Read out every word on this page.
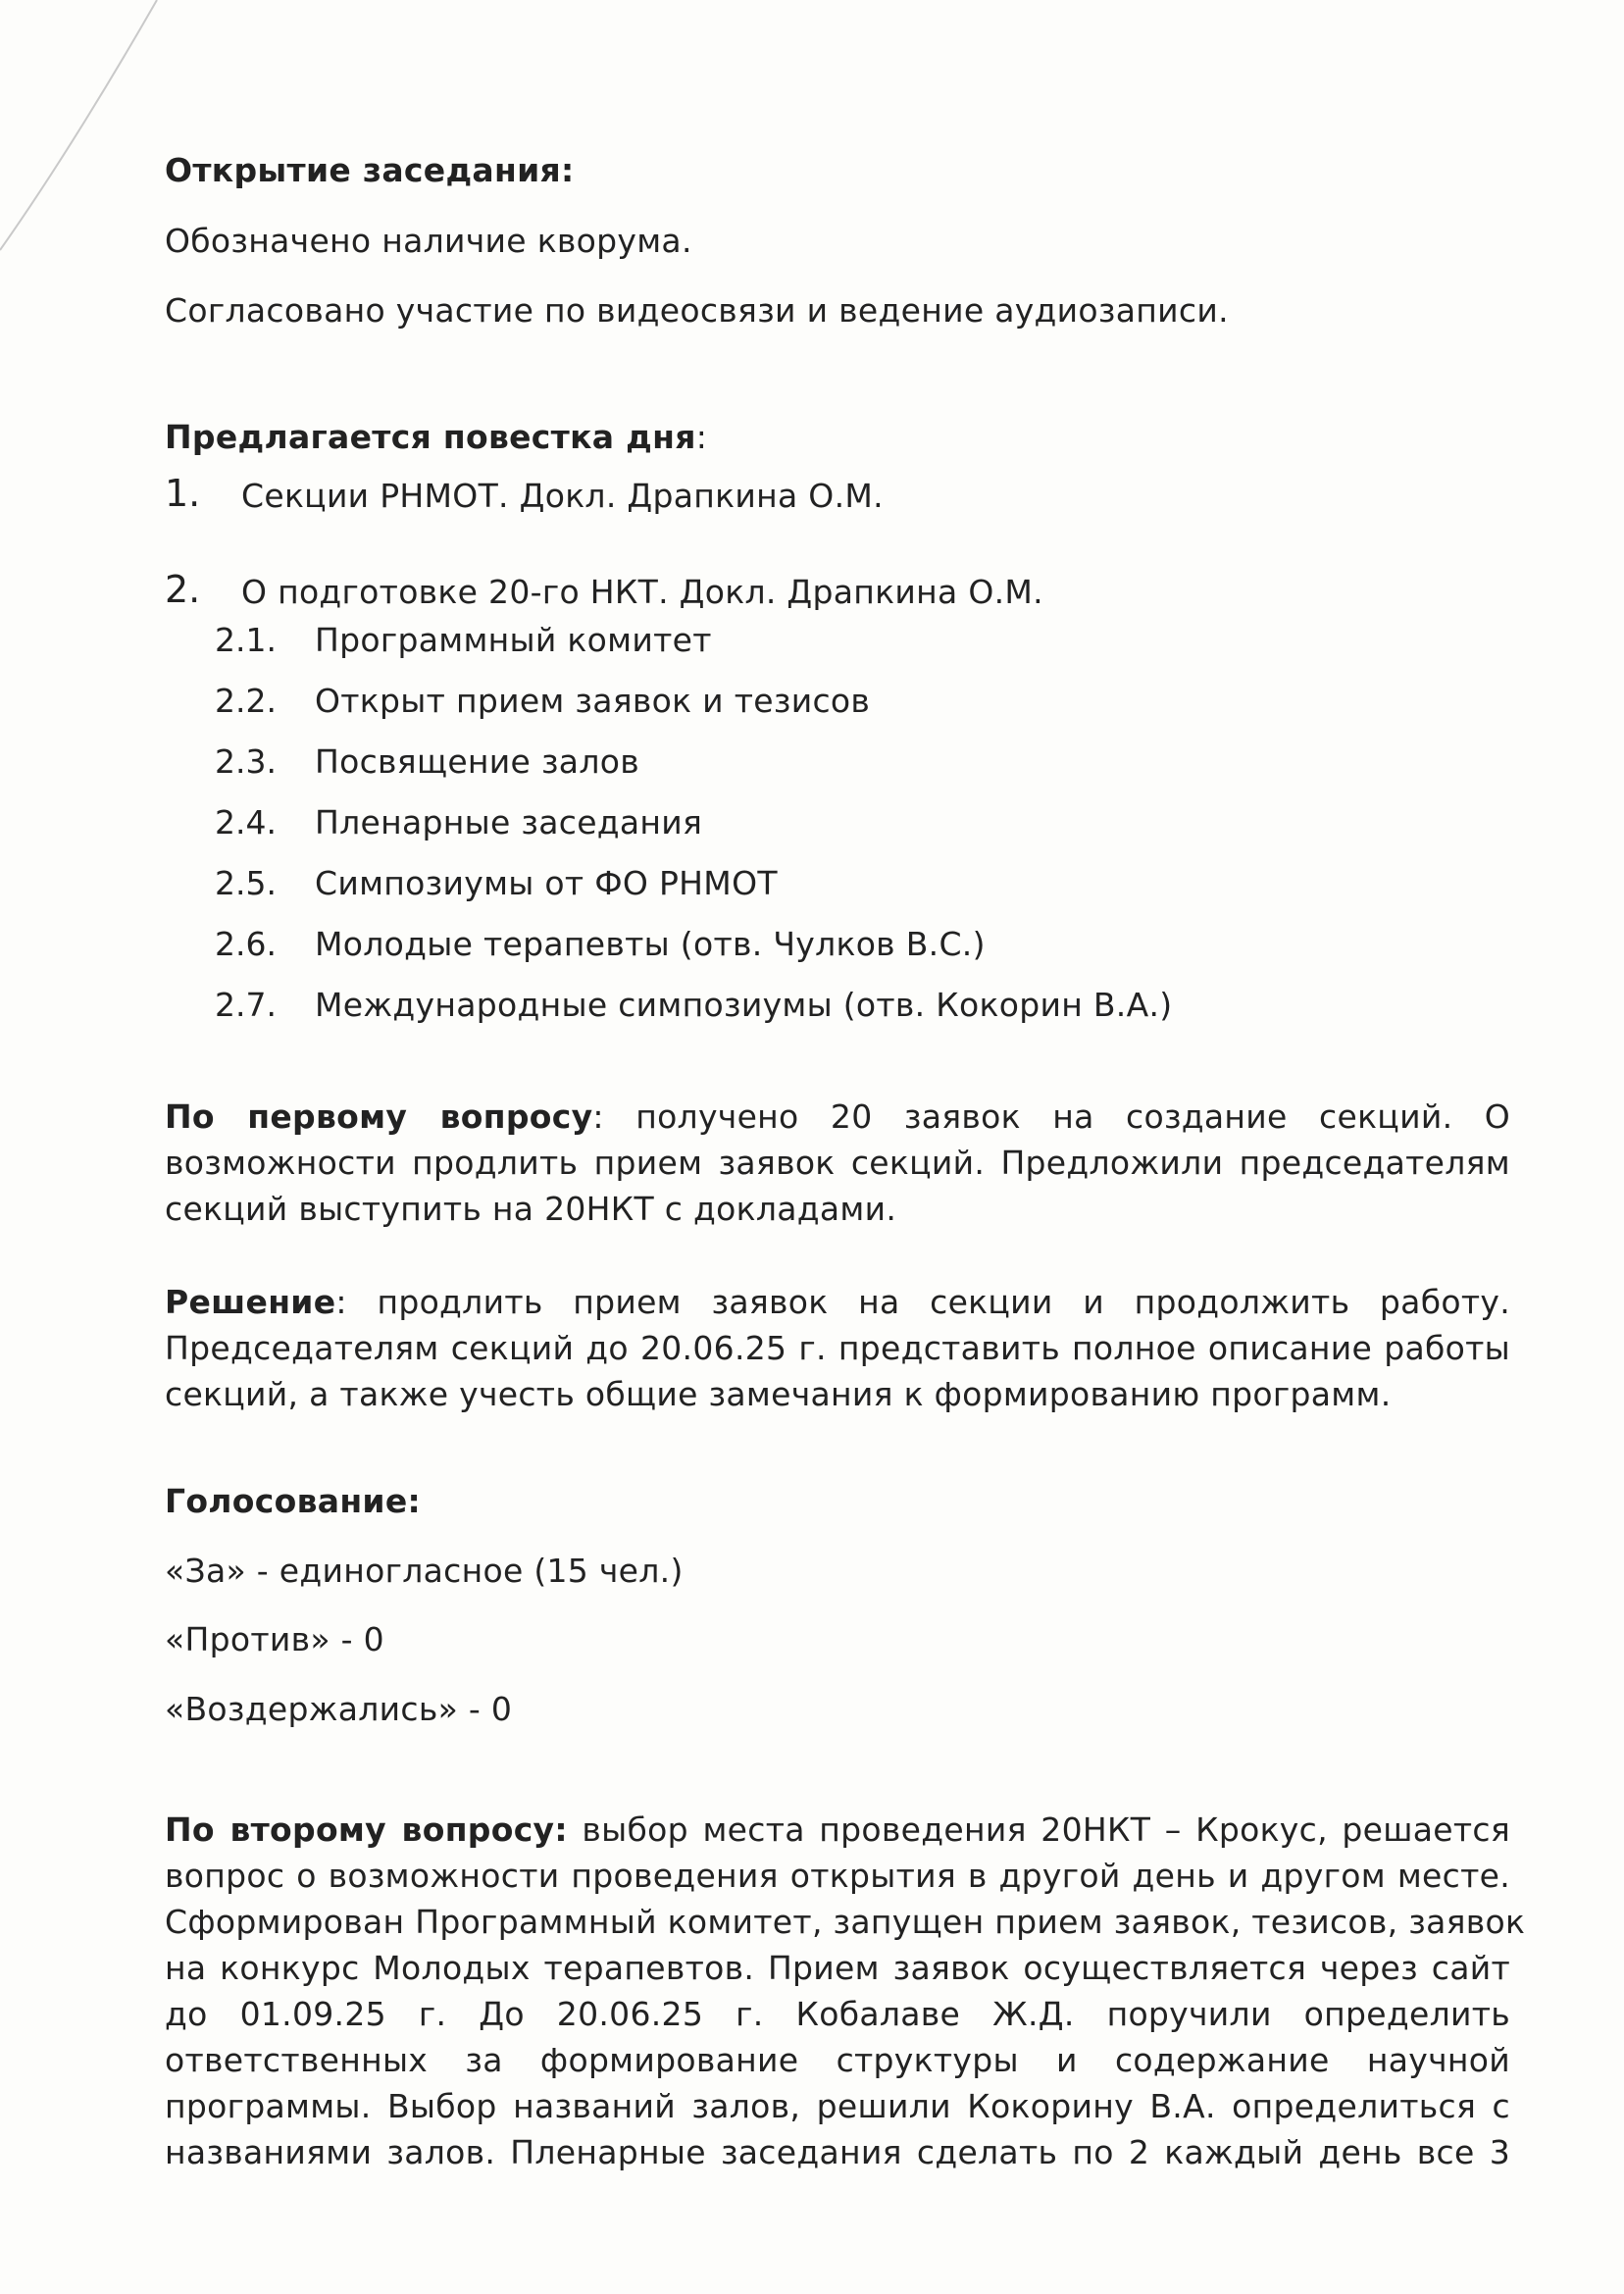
Открытие заседания:
Обозначено наличие кворума.
Согласовано участие по видеосвязи и ведение аудиозаписи.
Предлагается повестка дня:
1. Секции РНМОТ. Докл. Драпкина О.М.
2. О подготовке 20-го НКТ. Докл. Драпкина О.М.
2.1. Программный комитет
2.2. Открыт прием заявок и тезисов
2.3. Посвящение залов
2.4. Пленарные заседания
2.5. Симпозиумы от ФО РНМОТ
2.6. Молодые терапевты (отв. Чулков В.С.)
2.7. Международные симпозиумы (отв. Кокорин В.А.)
По первому вопросу: получено 20 заявок на создание секций. О
возможности продлить прием заявок секций. Предложили председателям
секций выступить на 20НКТ с докладами.
Решение: продлить прием заявок на секции и продолжить работу.
Председателям секций до 20.06.25 г. представить полное описание работы
секций, а также учесть общие замечания к формированию программ.
Голосование:
«За» - единогласное (15 чел.)
«Против» - 0
«Воздержались» - 0
По второму вопросу: выбор места проведения 20НКТ – Крокус, решается
вопрос о возможности проведения открытия в другой день и другом месте.
Сформирован Программный комитет, запущен прием заявок, тезисов, заявок
на конкурс Молодых терапевтов. Прием заявок осуществляется через сайт
до 01.09.25 г. До 20.06.25 г. Кобалаве Ж.Д. поручили определить
ответственных за формирование структуры и содержание научной
программы. Выбор названий залов, решили Кокорину В.А. определиться с
названиями залов. Пленарные заседания сделать по 2 каждый день все 3
